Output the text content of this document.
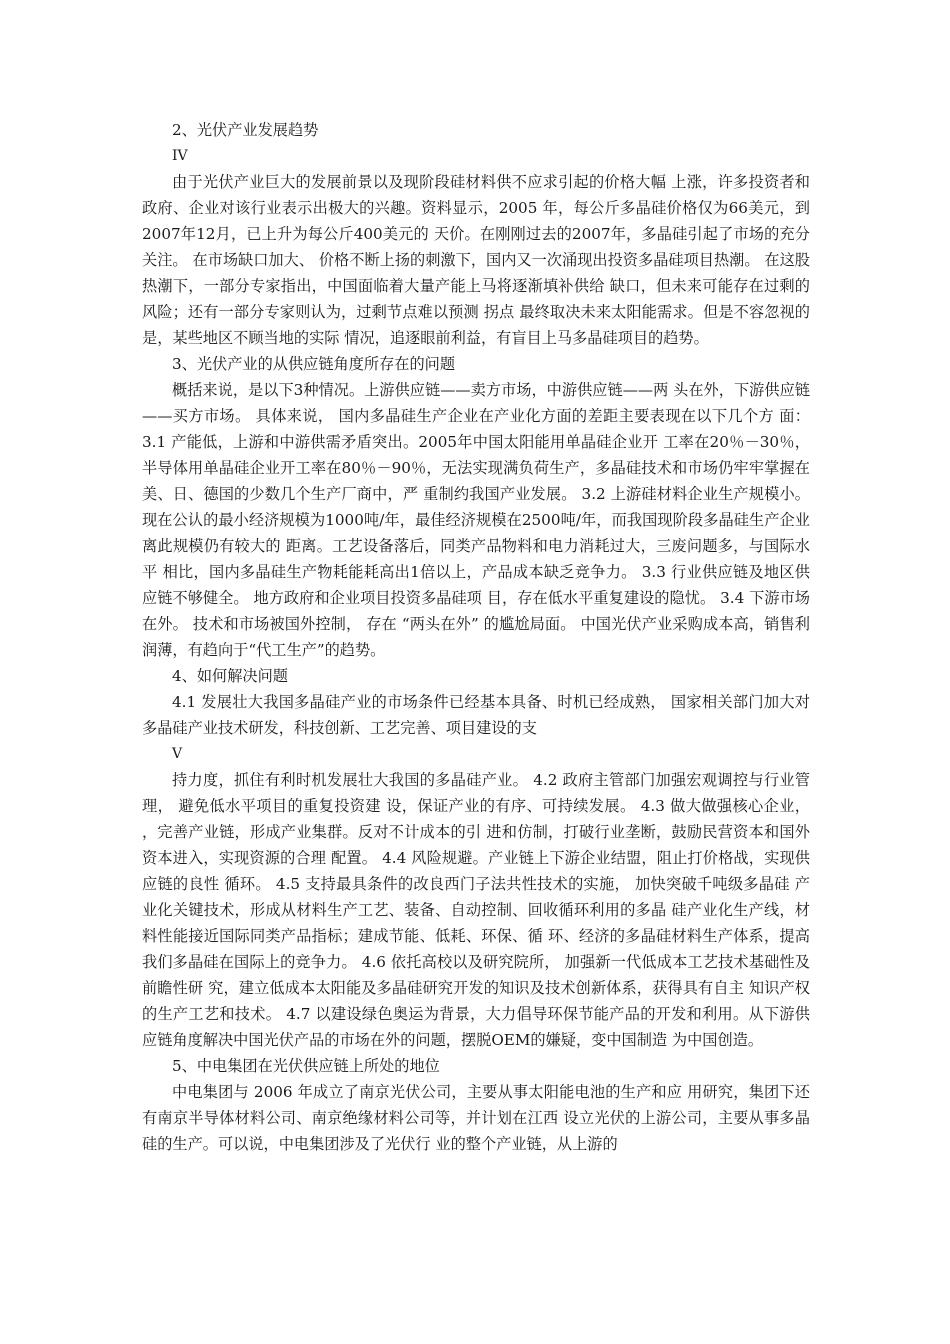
2、光伏产业发展趋势

IV

由于光伏产业巨大的发展前景以及现阶段硅材料供不应求引起的价格大幅 上涨，许多投资者和政府、企业对该行业表示出极大的兴趣。资料显示，2005 年，每公斤多晶硅价格仅为66美元，到2007年12月，已上升为每公斤400美元的 天价。在刚刚过去的2007年，多晶硅引起了市场的充分关注。 在市场缺口加大、 价格不断上扬的刺激下，国内又一次涌现出投资多晶硅项目热潮。 在这股热潮下，一部分专家指出，中国面临着大量产能上马将逐渐填补供给 缺口，但未来可能存在过剩的风险；还有一部分专家则认为，过剩节点难以预测 拐点 最终取决未来太阳能需求。但是不容忽视的是，某些地区不顾当地的实际 情况，追逐眼前利益，有盲目上马多晶硅项目的趋势。

3、光伏产业的从供应链角度所存在的问题

概括来说，是以下3种情况。上游供应链——卖方市场，中游供应链——两 头在外，下游供应链——买方市场。 具体来说， 国内多晶硅生产企业在产业化方面的差距主要表现在以下几个方 面： 3.1 产能低，上游和中游供需矛盾突出。2005年中国太阳能用单晶硅企业开 工率在20％－30％，半导体用单晶硅企业开工率在80％－90％，无法实现满负荷生产，多晶硅技术和市场仍牢牢掌握在美、日、德国的少数几个生产厂商中，严 重制约我国产业发展。 3.2 上游硅材料企业生产规模小。现在公认的最小经济规模为1000吨/年，最佳经济规模在2500吨/年，而我国现阶段多晶硅生产企业离此规模仍有较大的 距离。工艺设备落后，同类产品物料和电力消耗过大，三废问题多，与国际水平 相比，国内多晶硅生产物耗能耗高出1倍以上，产品成本缺乏竞争力。 3.3 行业供应链及地区供应链不够健全。 地方政府和企业项目投资多晶硅项 目，存在低水平重复建设的隐忧。 3.4 下游市场在外。 技术和市场被国外控制， 存在 “两头在外” 的尴尬局面。 中国光伏产业采购成本高，销售利润薄，有趋向于“代工生产”的趋势。

4、如何解决问题

4.1 发展壮大我国多晶硅产业的市场条件已经基本具备、时机已经成熟， 国家相关部门加大对多晶硅产业技术研发，科技创新、工艺完善、项目建设的支

V

持力度，抓住有利时机发展壮大我国的多晶硅产业。 4.2 政府主管部门加强宏观调控与行业管理， 避免低水平项目的重复投资建 设，保证产业的有序、可持续发展。 4.3 做大做强核心企业， ，完善产业链，形成产业集群。反对不计成本的引 进和仿制，打破行业垄断，鼓励民营资本和国外资本进入，实现资源的合理 配置。 4.4 风险规避。产业链上下游企业结盟，阻止打价格战，实现供应链的良性 循环。 4.5 支持最具条件的改良西门子法共性技术的实施， 加快突破千吨级多晶硅 产业化关键技术，形成从材料生产工艺、装备、自动控制、回收循环利用的多晶 硅产业化生产线，材料性能接近国际同类产品指标；建成节能、低耗、环保、循 环、经济的多晶硅材料生产体系，提高我们多晶硅在国际上的竞争力。 4.6 依托高校以及研究院所， 加强新一代低成本工艺技术基础性及前瞻性研 究，建立低成本太阳能及多晶硅研究开发的知识及技术创新体系，获得具有自主 知识产权的生产工艺和技术。 4.7 以建设绿色奥运为背景，大力倡导环保节能产品的开发和利用。从下游供应链角度解决中国光伏产品的市场在外的问题，摆脱OEM的嫌疑，变中国制造 为中国创造。

5、中电集团在光伏供应链上所处的地位

中电集团与 2006 年成立了南京光伏公司，主要从事太阳能电池的生产和应 用研究，集团下还有南京半导体材料公司、南京绝缘材料公司等，并计划在江西 设立光伏的上游公司，主要从事多晶硅的生产。可以说，中电集团涉及了光伏行 业的整个产业链，从上游的
